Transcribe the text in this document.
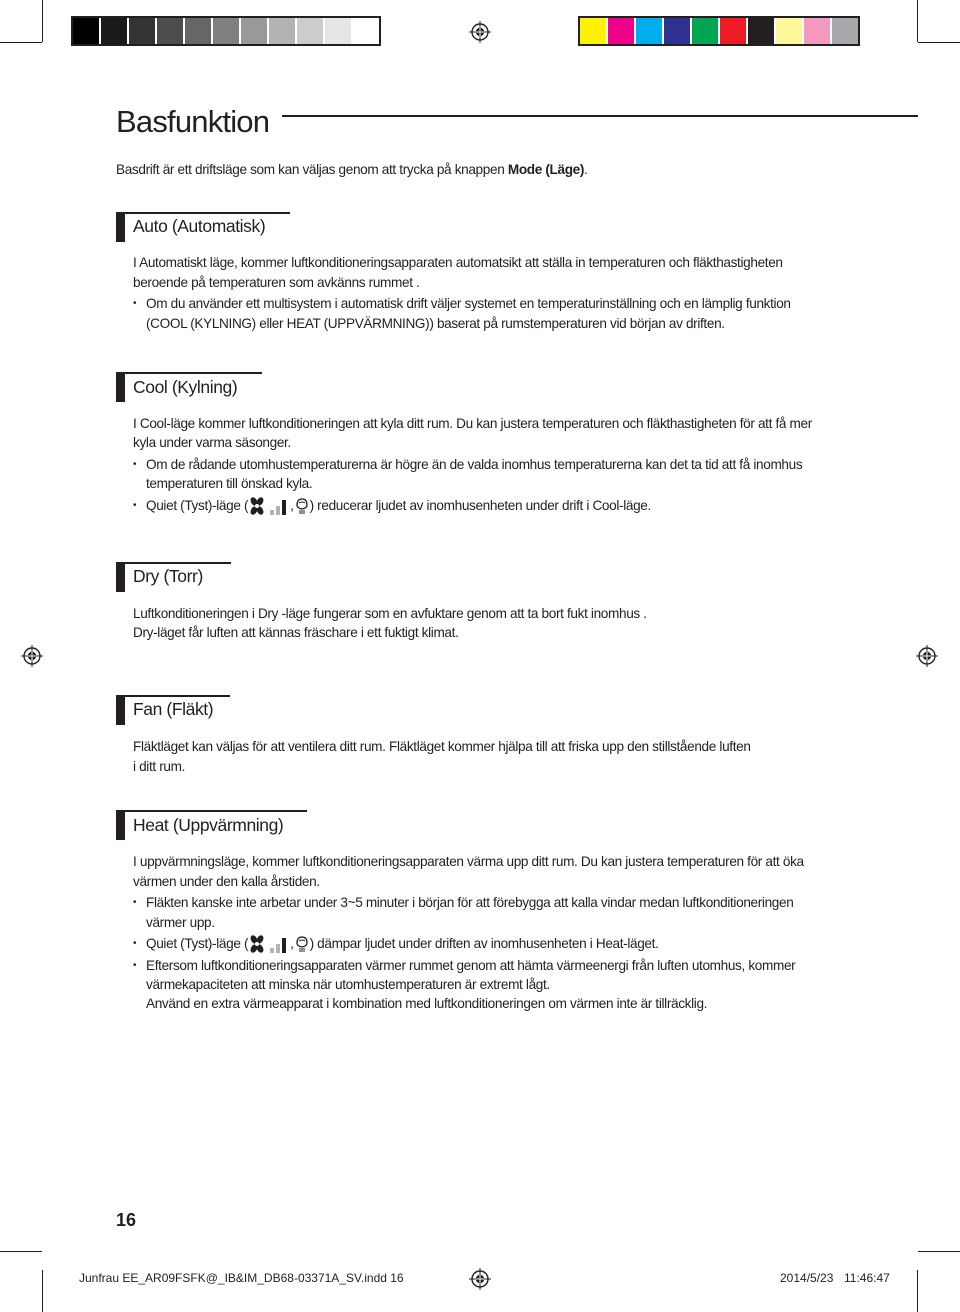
Basfunktion
Basdrift är ett driftsläge som kan väljas genom att trycka på knappen Mode (Läge).
Auto (Automatisk)
I Automatiskt läge, kommer luftkonditioneringsapparaten automatsikt att ställa in temperaturen och fläkthastigheten
beroende på temperaturen som avkänns rummet .
• Om du använder ett multisystem i automatisk drift väljer systemet en temperaturinställning och en lämplig funktion
(COOL (KYLNING) eller HEAT (UPPVÄRMNING)) baserat på rumstemperaturen vid början av driften.
Cool (Kylning)
I Cool-läge kommer luftkonditioneringen att kyla ditt rum. Du kan justera temperaturen och fläkthastigheten för att få mer
kyla under varma säsonger.
• Om de rådande utomhustemperaturerna är högre än de valda inomhus temperaturerna kan det ta tid att få inomhus
temperaturen till önskad kyla.
• Quiet (Tyst)-läge (	, ) reducerar ljudet av inomhusenheten under drift i Cool-läge.
Dry (Torr)
Luftkonditioneringen i Dry -läge fungerar som en avfuktare genom att ta bort fukt inomhus .
Dry-läget får luften att kännas fräschare i ett fuktigt klimat.
Fan (Fläkt)
Fläktläget kan väljas för att ventilera ditt rum. Fläktläget kommer hjälpa till att friska upp den stillstående luften
i ditt rum.
Heat (Uppvärmning)
I uppvärmningsläge, kommer luftkonditioneringsapparaten värma upp ditt rum. Du kan justera temperaturen för att öka
värmen under den kalla årstiden.
• Fläkten kanske inte arbetar under 3~5 minuter i början för att förebygga att kalla vindar medan luftkonditioneringen
värmer upp.
• Quiet (Tyst)-läge (	, ) dämpar ljudet under driften av inomhusenheten i Heat-läget.
• Eftersom luftkonditioneringsapparaten värmer rummet genom att hämta värmeenergi från luften utomhus, kommer
värmekapaciteten att minska när utomhustemperaturen är extremt lågt.
Använd en extra värmeapparat i kombination med luftkonditioneringen om värmen inte är tillräcklig.
16
Junfrau EE_AR09FSFK@_IB&IM_DB68-03371A_SV.indd 16	2014/5/23 11:46:47
